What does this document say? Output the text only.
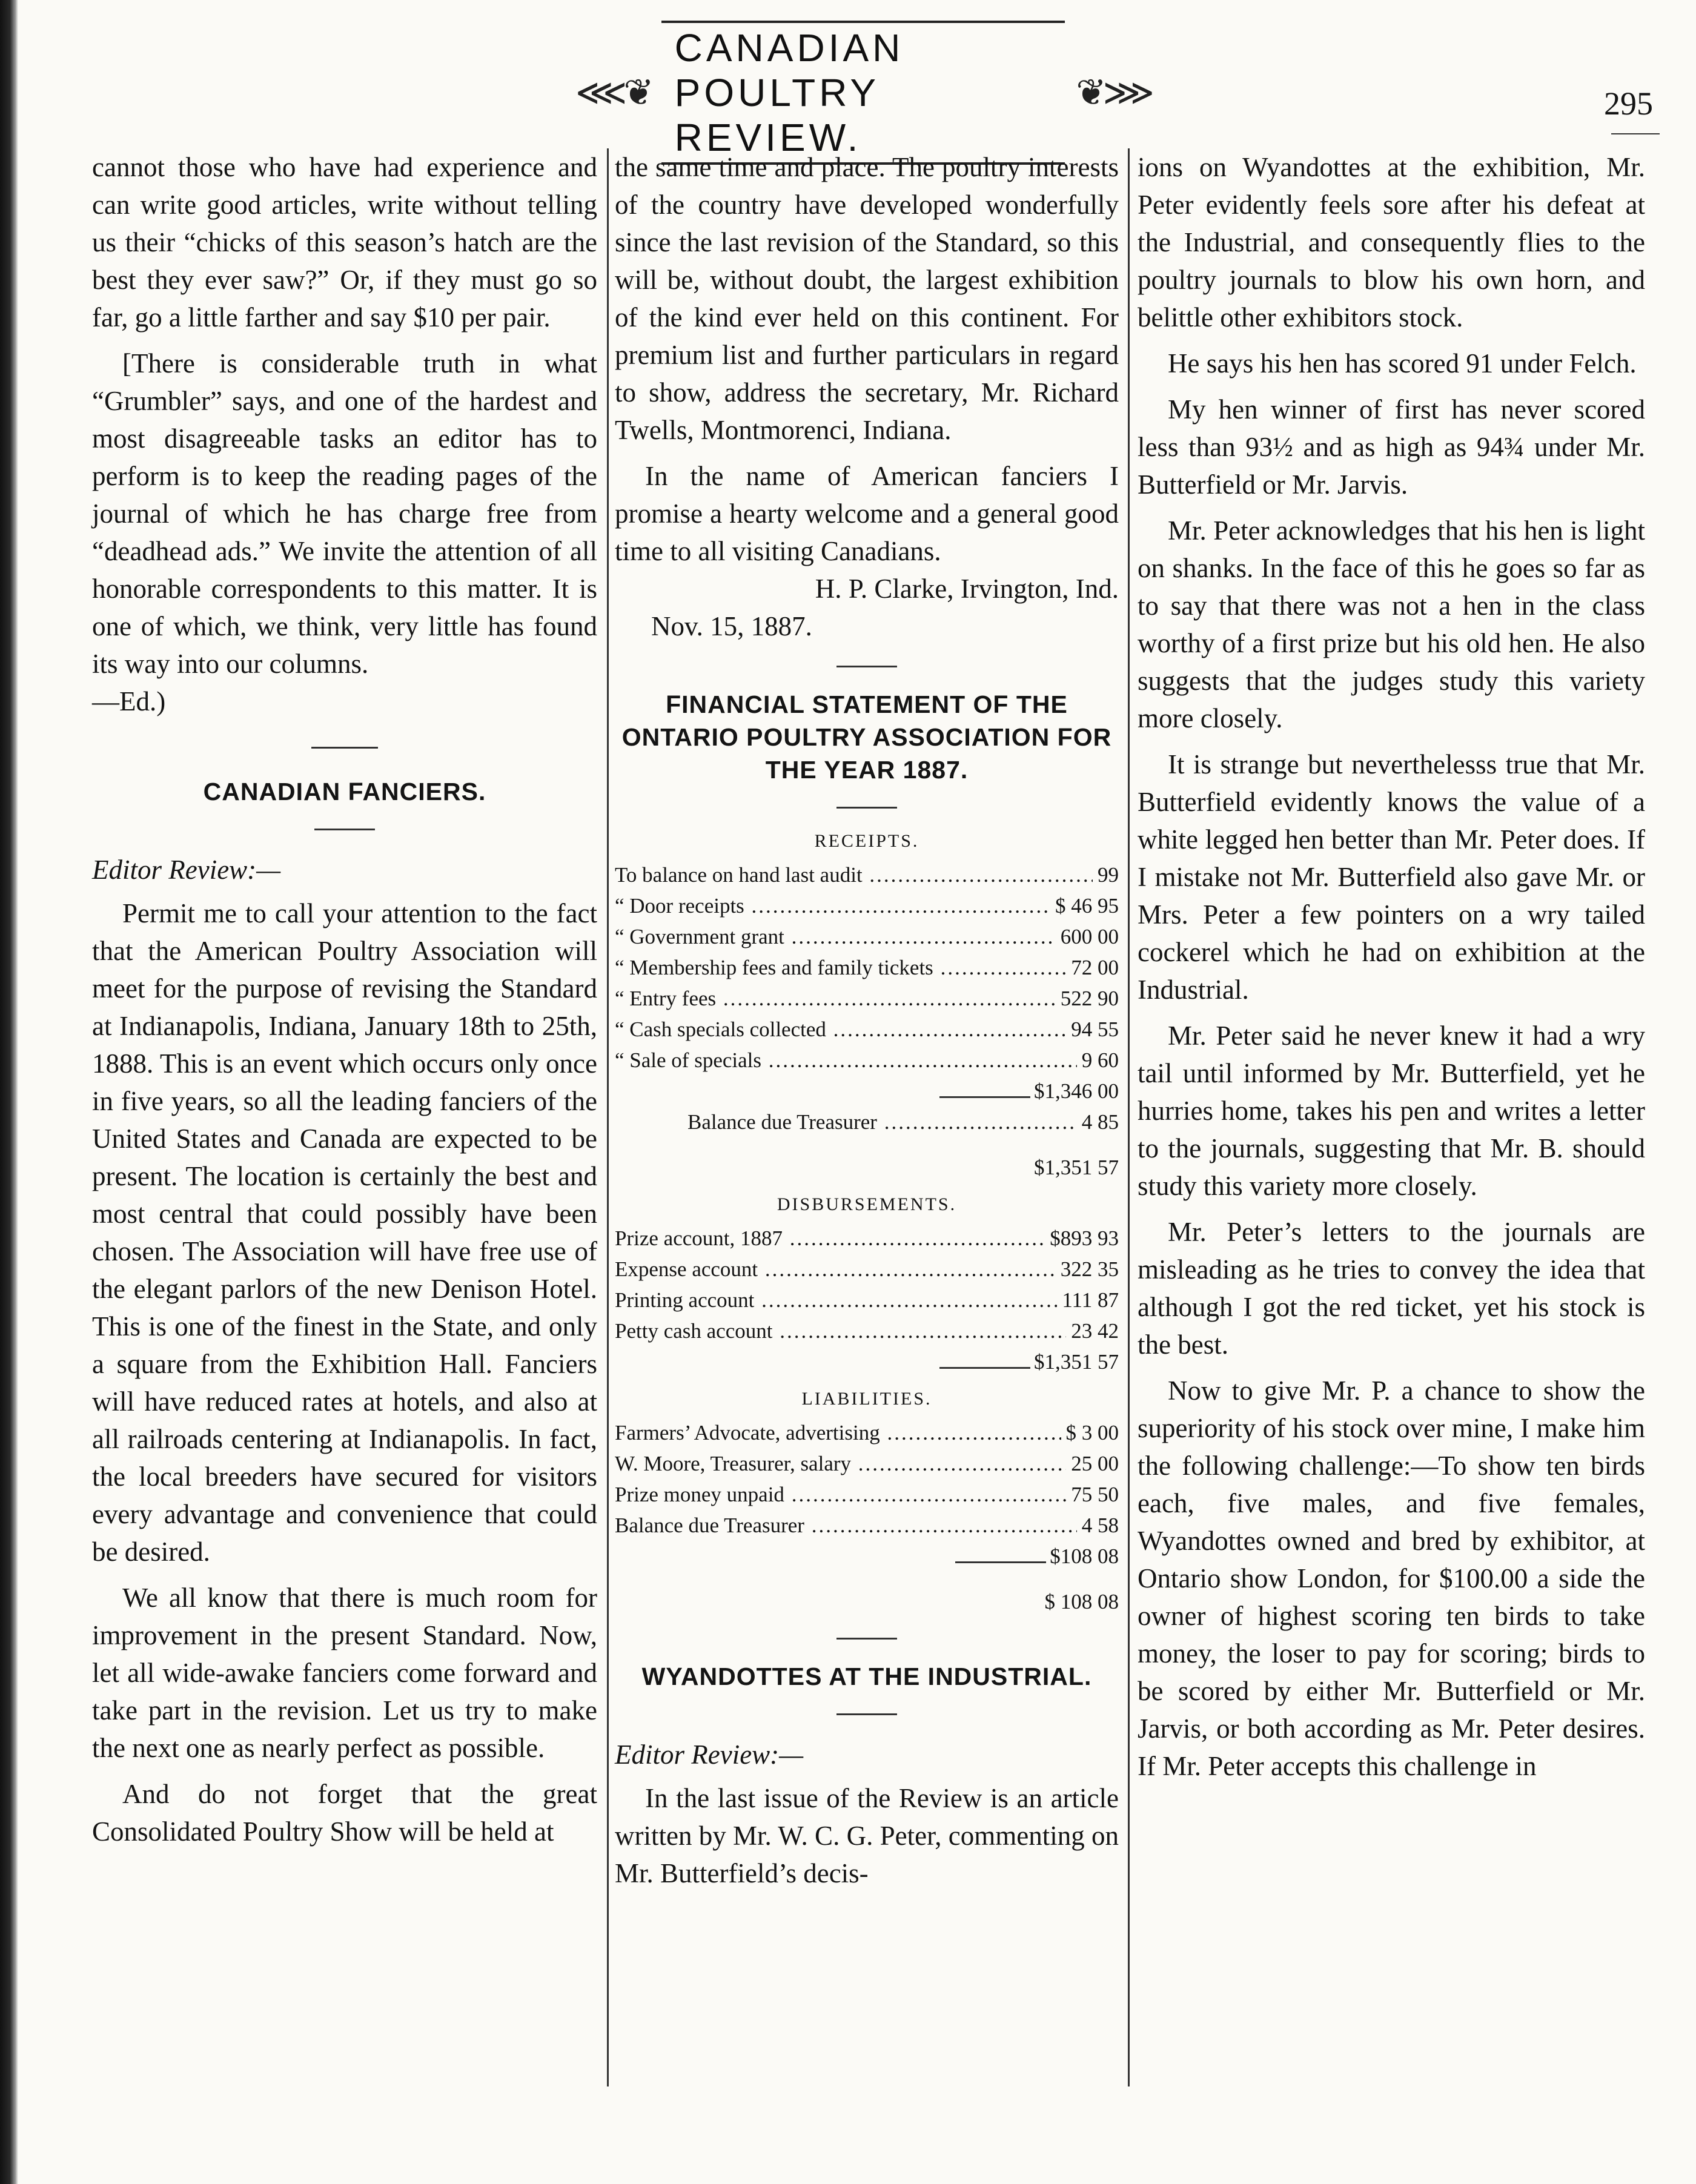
⋘❦
CANADIAN POULTRY REVIEW.
❦⋙	295

cannot those who have had experience and can write good articles, write without telling us their “chicks of this season’s hatch are the best they ever saw?” Or, if they must go so far, go a little farther and say $10 per pair.

[There is considerable truth in what “Grumbler” says, and one of the hardest and most disagreeable tasks an editor has to perform is to keep the reading pages of the journal of which he has charge free from “deadhead ads.” We invite the attention of all honorable correspondents to this matter. It is one of which, we think, very little has found its way into our columns.

—Ed.)

CANADIAN FANCIERS.

Editor Review:—

Permit me to call your attention to the fact that the American Poultry Association will meet for the purpose of revising the Standard at Indianapolis, Indiana, January 18th to 25th, 1888. This is an event which occurs only once in five years, so all the leading fanciers of the United States and Canada are expected to be present. The location is certainly the best and most central that could possibly have been chosen. The Association will have free use of the elegant parlors of the new Denison Hotel. This is one of the finest in the State, and only a square from the Exhibition Hall. Fanciers will have reduced rates at hotels, and also at all railroads centering at Indianapolis. In fact, the local breeders have secured for visitors every advantage and convenience that could be desired.

We all know that there is much room for improvement in the present Standard. Now, let all wide-awake fanciers come forward and take part in the revision. Let us try to make the next one as nearly perfect as possible.

And do not forget that the great Consolidated Poultry Show will be held at

the same time and place. The poultry interests of the country have developed wonderfully since the last revision of the Standard, so this will be, without doubt, the largest exhibition of the kind ever held on this continent. For premium list and further particulars in regard to show, address the secretary, Mr. Richard Twells, Montmorenci, Indiana.

In the name of American fanciers I promise a hearty welcome and a general good time to all visiting Canadians.

H. P. Clarke, Irvington, Ind.

Nov. 15, 1887.

FINANCIAL STATEMENT OF THE ONTARIO POULTRY ASSOCIATION FOR THE YEAR 1887.
RECEIPTS.
To balance on hand last audit .....	99
“ Door receipts .....	$ 46 95
“ Government grant .....	600 00
“ Membership fees and family tickets .....	72 00
“ Entry fees .....	522 90
“ Cash specials collected .....	94 55
“ Sale of specials .....	9 60
$1,346 00
Balance due Treasurer .....	4 85
$1,351 57
DISBURSEMENTS.
Prize account, 1887 .....	$893 93
Expense account .....	322 35
Printing account .....	111 87
Petty cash account .....	23 42
$1,351 57
LIABILITIES.
Farmers’ Advocate, advertising .....	$ 3 00
W. Moore, Treasurer, salary .....	25 00
Prize money unpaid .....	75 50
Balance due Treasurer .....	4 58
$108 08
$ 108 08
WYANDOTTES AT THE INDUSTRIAL.

Editor Review:—

In the last issue of the Review is an article written by Mr. W. C. G. Peter, commenting on Mr. Butterfield’s decis-

ions on Wyandottes at the exhibition, Mr. Peter evidently feels sore after his defeat at the Industrial, and consequently flies to the poultry journals to blow his own horn, and belittle other exhibitors stock.

He says his hen has scored 91 under Felch.

My hen winner of first has never scored less than 93½ and as high as 94¾ under Mr. Butterfield or Mr. Jarvis.

Mr. Peter acknowledges that his hen is light on shanks. In the face of this he goes so far as to say that there was not a hen in the class worthy of a first prize but his old hen. He also suggests that the judges study this variety more closely.

It is strange but neverthelesss true that Mr. Butterfield evidently knows the value of a white legged hen better than Mr. Peter does. If I mistake not Mr. Butterfield also gave Mr. or Mrs. Peter a few pointers on a wry tailed cockerel which he had on exhibition at the Industrial.

Mr. Peter said he never knew it had a wry tail until informed by Mr. Butterfield, yet he hurries home, takes his pen and writes a letter to the journals, suggesting that Mr. B. should study this variety more closely.

Mr. Peter’s letters to the journals are misleading as he tries to convey the idea that although I got the red ticket, yet his stock is the best.

Now to give Mr. P. a chance to show the superiority of his stock over mine, I make him the following challenge:—To show ten birds each, five males, and five females, Wyandottes owned and bred by exhibitor, at Ontario show London, for $100.00 a side the owner of highest scoring ten birds to take money, the loser to pay for scoring; birds to be scored by either Mr. Butterfield or Mr. Jarvis, or both according as Mr. Peter desires. If Mr. Peter accepts this challenge in
